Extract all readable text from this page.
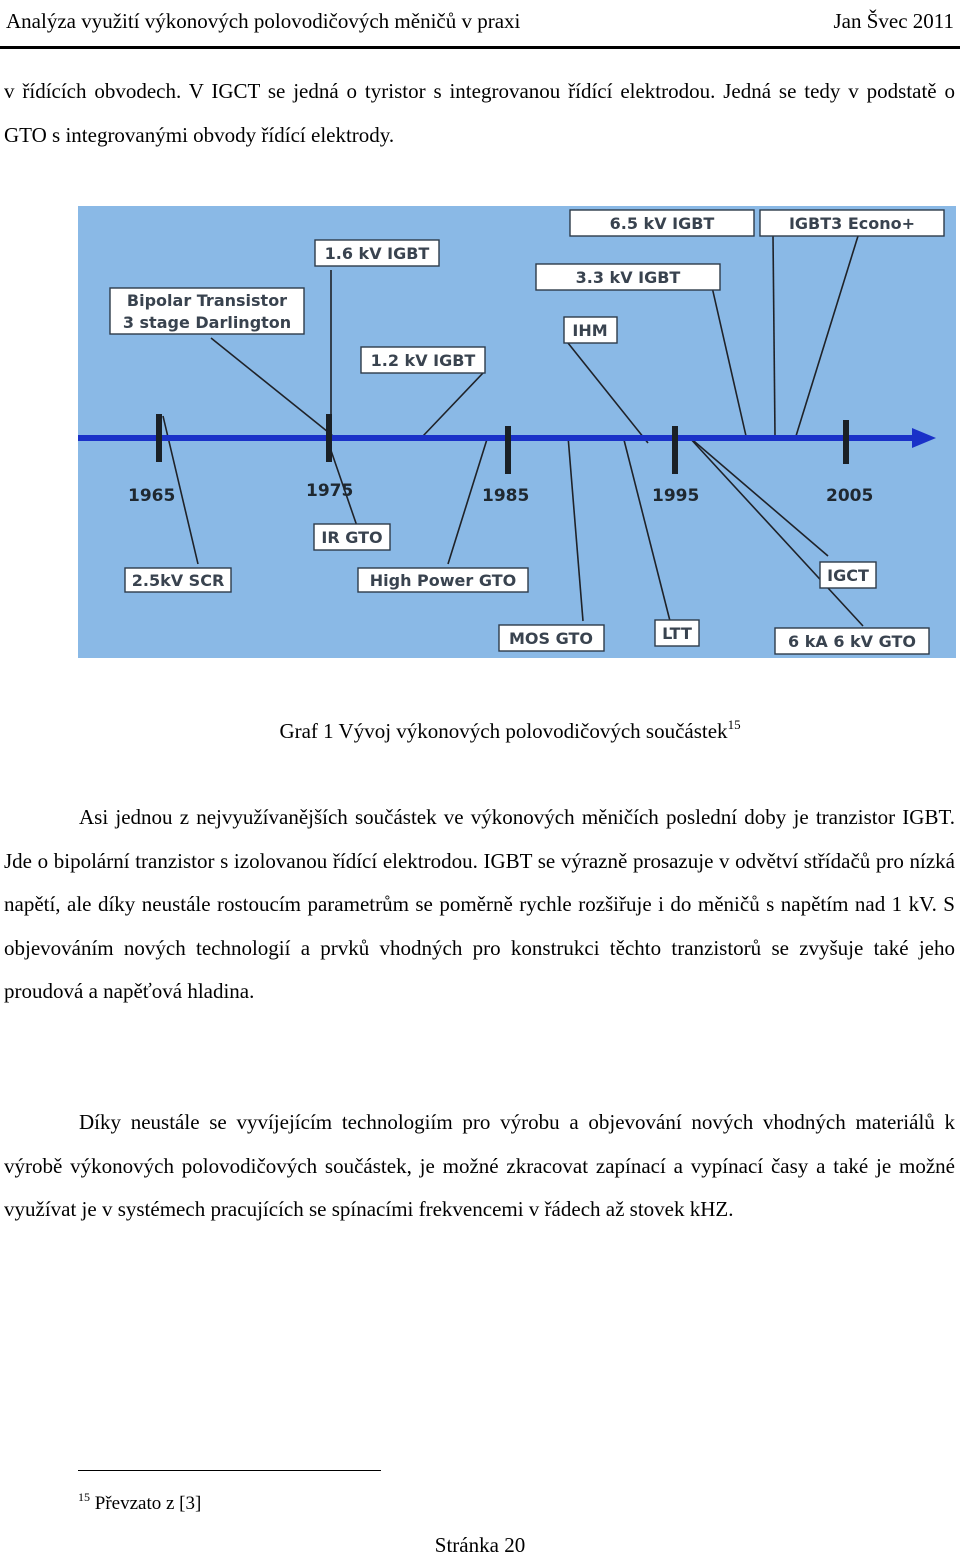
Analýza využití výkonových polovodičových měničů v praxi	Jan Švec 2011
v řídících obvodech. V IGCT se jedná o tyristor s integrovanou řídící elektrodou. Jedná se tedy v podstatě o GTO s integrovanými obvody řídící elektrody.
1965	1975	1985	1995	2005
6.5 kV IGBT	IGBT3 Econo+
1.6 kV IGBT
3.3 kV IGBT
Bipolar Transistor
3 stage Darlington	IHM
1.2 kV IGBT
IR GTO
2.5kV SCR	High Power GTO	IGCT
MOS GTO	LTT	6 kA 6 kV GTO
Graf 1 Vývoj výkonových polovodičových součástek$^{15}$
Asi jednou z nejvyužívanějších součástek ve výkonových měničích poslední doby je tranzistor IGBT. Jde o bipolární tranzistor s izolovanou řídící elektrodou. IGBT se výrazně prosazuje v odvětví střídačů pro nízká napětí, ale díky neustále rostoucím parametrům se poměrně rychle rozšiřuje i do měničů s napětím nad 1 kV. S objevováním nových technologií a prvků vhodných pro konstrukci těchto tranzistorů se zvyšuje také jeho proudová a napěťová hladina.
Díky neustále se vyvíjejícím technologiím pro výrobu a objevování nových vhodných materiálů k výrobě výkonových polovodičových součástek, je možné zkracovat zapínací a vypínací časy a také je možné využívat je v systémech pracujících se spínacími frekvencemi v řádech až stovek kHZ.
$^{15}$ Převzato z [3]
Stránka 20
